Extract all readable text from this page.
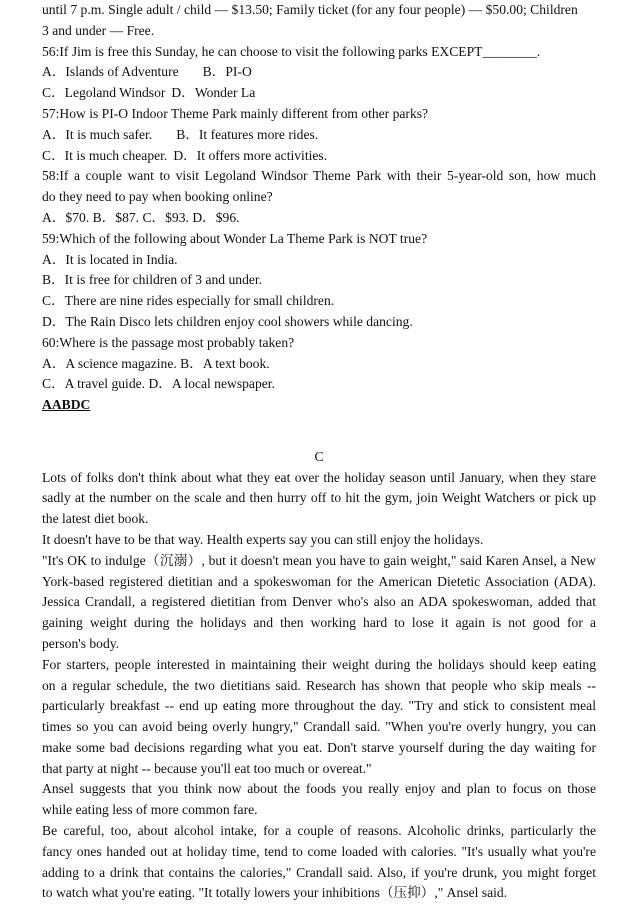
until 7 p.m. Single adult / child — $13.50; Family ticket (for any four people) — $50.00; Children
3 and under — Free.
56:If Jim is free this Sunday, he can choose to visit the following parks EXCEPT________.
A．Islands of Adventure B．PI-O
C．Legoland Windsor D．Wonder La
57:How is PI-O Indoor Theme Park mainly different from other parks?
A．It is much safer. B．It features more rides.
C．It is much cheaper. D．It offers more activities.
58:If a couple want to visit Legoland Windsor Theme Park with their 5-year-old son, how much
do they need to pay when booking online?
A．$70. B．$87. C．$93. D．$96.
59:Which of the following about Wonder La Theme Park is NOT true?
A．It is located in India.
B．It is free for children of 3 and under.
C．There are nine rides especially for small children.
D．The Rain Disco lets children enjoy cool showers while dancing.
60:Where is the passage most probably taken?
A．A science magazine. B．A text book.
C．A travel guide. D．A local newspaper.
AABDC
C
Lots of folks don't think about what they eat over the holiday season until January, when they stare
sadly at the number on the scale and then hurry off to hit the gym, join Weight Watchers or pick up
the latest diet book.
It doesn't have to be that way. Health experts say you can still enjoy the holidays.
"It's OK to indulge（沉溺）, but it doesn't mean you have to gain weight," said Karen Ansel, a New
York-based registered dietitian and a spokeswoman for the American Dietetic Association (ADA).
Jessica Crandall, a registered dietitian from Denver who's also an ADA spokeswoman, added that
gaining weight during the holidays and then working hard to lose it again is not good for a
person's body.
For starters, people interested in maintaining their weight during the holidays should keep eating
on a regular schedule, the two dietitians said. Research has shown that people who skip meals --
particularly breakfast -- end up eating more throughout the day. "Try and stick to consistent meal
times so you can avoid being overly hungry," Crandall said. "When you're overly hungry, you can
make some bad decisions regarding what you eat. Don't starve yourself during the day waiting for
that party at night -- because you'll eat too much or overeat."
Ansel suggests that you think now about the foods you really enjoy and plan to focus on those
while eating less of more common fare.
Be careful, too, about alcohol intake, for a couple of reasons. Alcoholic drinks, particularly the
fancy ones handed out at holiday time, tend to come loaded with calories. "It's usually what you're
adding to a drink that contains the calories," Crandall said. Also, if you're drunk, you might forget
to watch what you're eating. "It totally lowers your inhibitions（压抑）," Ansel said.
